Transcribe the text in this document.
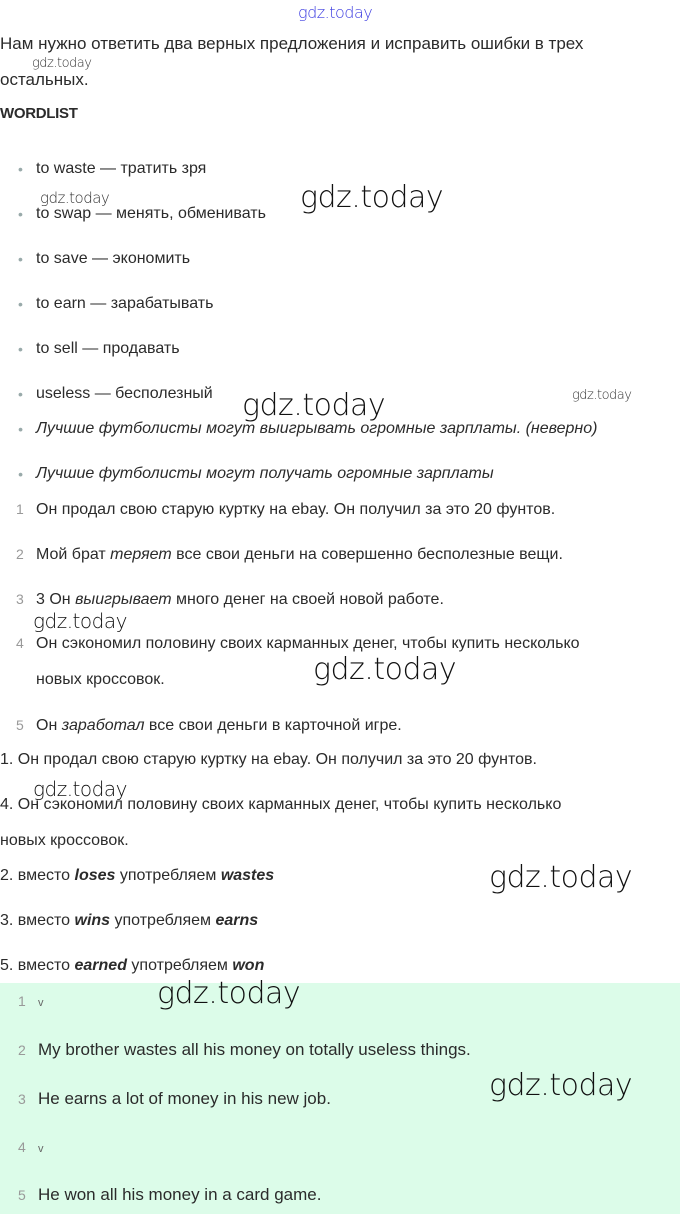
gdz.today
Нам нужно ответить два верных предложения и исправить ошибки в трех
остальных.
gdz.today
WORDLIST
• to waste — тратить зря
• to swap — менять, обменивать
• to save — экономить
• to earn — зарабатывать
• to sell — продавать
• useless — бесполезный
• Лучшие футболисты могут выигрывать огромные зарплаты. (неверно)
• Лучшие футболисты могут получать огромные зарплаты
1 Он продал свою старую куртку на ebay. Он получил за это 20 фунтов.
2 Мой брат теряет все свои деньги на совершенно бесполезные вещи.
3 3 Он выигрывает много денег на своей новой работе.
4 Он сэкономил половину своих карманных денег, чтобы купить несколько
новых кроссовок.
5 Он заработал все свои деньги в карточной игре.
1. Он продал свою старую куртку на ebay. Он получил за это 20 фунтов.
4. Он сэкономил половину своих карманных денег, чтобы купить несколько
новых кроссовок.
2. вместо loses употребляем wastes
3. вместо wins употребляем earns
5. вместо earned употребляем won
1 v
2 My brother wastes all his money on totally useless things.
3 He earns a lot of money in his new job.
4 v
5 He won all his money in a card game.
gdz.today	gdz.today
gdz.today	gdz.today
gdz.today
gdz.today
gdz.today
gdz.today
gdz.today
gdz.today
